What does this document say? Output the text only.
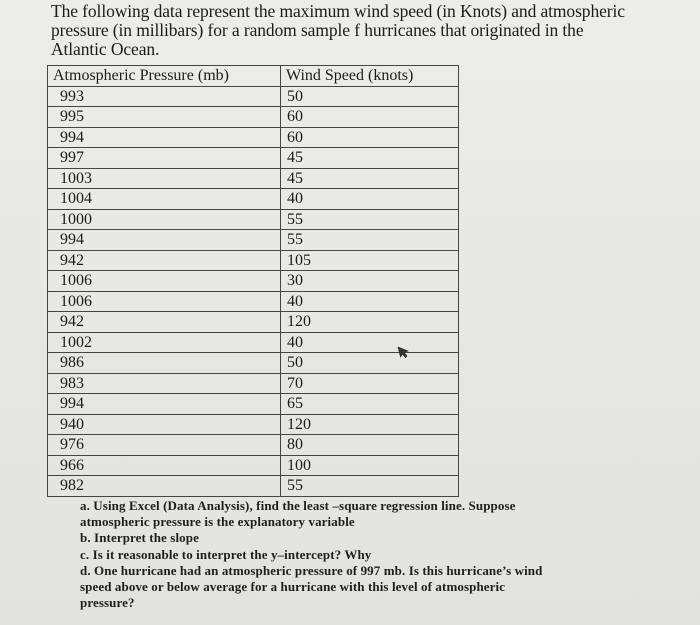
The following data represent the maximum wind speed (in Knots) and atmospheric
pressure (in millibars) for a random sample f hurricanes that originated in the
Atlantic Ocean.
Atmospheric Pressure (mb)	Wind Speed (knots)
993	50
995	60
994	60
997	45
1003	45
1004	40
1000	55
994	55
942	105
1006	30
1006	40
942	120
1002	40
986	50
983	70
994	65
940	120
976	80
966	100
982	55
a. Using Excel (Data Analysis), find the least –square regression line. Suppose
atmospheric pressure is the explanatory variable
b. Interpret the slope
c. Is it reasonable to interpret the y–intercept? Why
d. One hurricane had an atmospheric pressure of 997 mb. Is this hurricane’s wind
speed above or below average for a hurricane with this level of atmospheric
pressure?
